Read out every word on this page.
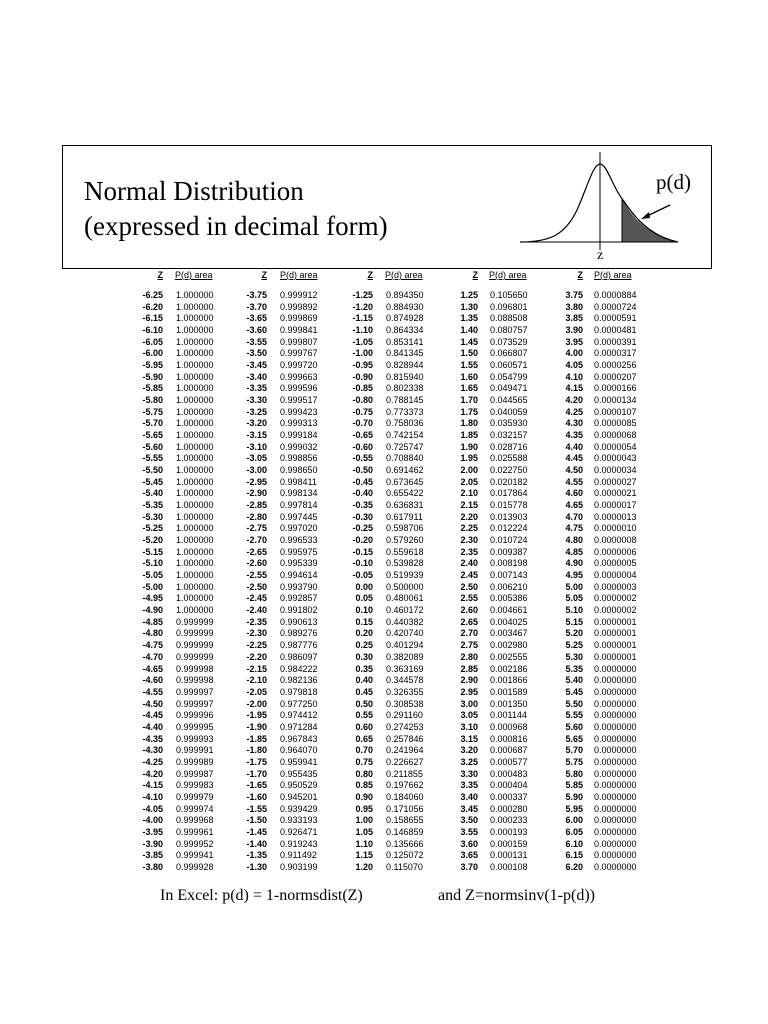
Normal Distribution
(expressed in decimal form)
p(d)
z
Z P(d) area
-6.25 1.000000
-6.20 1.000000
-6.15 1.000000
-6.10 1.000000
-6.05 1.000000
-6.00 1.000000
-5.95 1.000000
-5.90 1.000000
-5.85 1.000000
-5.80 1.000000
-5.75 1.000000
-5.70 1.000000
-5.65 1.000000
-5.60 1.000000
-5.55 1.000000
-5.50 1.000000
-5.45 1.000000
-5.40 1.000000
-5.35 1.000000
-5.30 1.000000
-5.25 1.000000
-5.20 1.000000
-5.15 1.000000
-5.10 1.000000
-5.05 1.000000
-5.00 1.000000
-4.95 1.000000
-4.90 1.000000
-4.85 0.999999
-4.80 0.999999
-4.75 0.999999
-4.70 0.999999
-4.65 0.999998
-4.60 0.999998
-4.55 0.999997
-4.50 0.999997
-4.45 0.999996
-4.40 0.999995
-4.35 0.999993
-4.30 0.999991
-4.25 0.999989
-4.20 0.999987
-4.15 0.999983
-4.10 0.999979
-4.05 0.999974
-4.00 0.999968
-3.95 0.999961
-3.90 0.999952
-3.85 0.999941
-3.80 0.999928
Z P(d) area
-3.75 0.999912
-3.70 0.999892
-3.65 0.999869
-3.60 0.999841
-3.55 0.999807
-3.50 0.999767
-3.45 0.999720
-3.40 0.999663
-3.35 0.999596
-3.30 0.999517
-3.25 0.999423
-3.20 0.999313
-3.15 0.999184
-3.10 0.999032
-3.05 0.998856
-3.00 0.998650
-2.95 0.998411
-2.90 0.998134
-2.85 0.997814
-2.80 0.997445
-2.75 0.997020
-2.70 0.996533
-2.65 0.995975
-2.60 0.995339
-2.55 0.994614
-2.50 0.993790
-2.45 0.992857
-2.40 0.991802
-2.35 0.990613
-2.30 0.989276
-2.25 0.987776
-2.20 0.986097
-2.15 0.984222
-2.10 0.982136
-2.05 0.979818
-2.00 0.977250
-1.95 0.974412
-1.90 0.971284
-1.85 0.967843
-1.80 0.964070
-1.75 0.959941
-1.70 0.955435
-1.65 0.950529
-1.60 0.945201
-1.55 0.939429
-1.50 0.933193
-1.45 0.926471
-1.40 0.919243
-1.35 0.911492
-1.30 0.903199
Z P(d) area
-1.25 0.894350
-1.20 0.884930
-1.15 0.874928
-1.10 0.864334
-1.05 0.853141
-1.00 0.841345
-0.95 0.828944
-0.90 0.815940
-0.85 0.802338
-0.80 0.788145
-0.75 0.773373
-0.70 0.758036
-0.65 0.742154
-0.60 0.725747
-0.55 0.708840
-0.50 0.691462
-0.45 0.673645
-0.40 0.655422
-0.35 0.636831
-0.30 0.617911
-0.25 0.598706
-0.20 0.579260
-0.15 0.559618
-0.10 0.539828
-0.05 0.519939
0.00 0.500000
0.05 0.480061
0.10 0.460172
0.15 0.440382
0.20 0.420740
0.25 0.401294
0.30 0.382089
0.35 0.363169
0.40 0.344578
0.45 0.326355
0.50 0.308538
0.55 0.291160
0.60 0.274253
0.65 0.257846
0.70 0.241964
0.75 0.226627
0.80 0.211855
0.85 0.197662
0.90 0.184060
0.95 0.171056
1.00 0.158655
1.05 0.146859
1.10 0.135666
1.15 0.125072
1.20 0.115070
Z P(d) area
1.25 0.105650
1.30 0.096801
1.35 0.088508
1.40 0.080757
1.45 0.073529
1.50 0.066807
1.55 0.060571
1.60 0.054799
1.65 0.049471
1.70 0.044565
1.75 0.040059
1.80 0.035930
1.85 0.032157
1.90 0.028716
1.95 0.025588
2.00 0.022750
2.05 0.020182
2.10 0.017864
2.15 0.015778
2.20 0.013903
2.25 0.012224
2.30 0.010724
2.35 0.009387
2.40 0.008198
2.45 0.007143
2.50 0.006210
2.55 0.005386
2.60 0.004661
2.65 0.004025
2.70 0.003467
2.75 0.002980
2.80 0.002555
2.85 0.002186
2.90 0.001866
2.95 0.001589
3.00 0.001350
3.05 0.001144
3.10 0.000968
3.15 0.000816
3.20 0.000687
3.25 0.000577
3.30 0.000483
3.35 0.000404
3.40 0.000337
3.45 0.000280
3.50 0.000233
3.55 0.000193
3.60 0.000159
3.65 0.000131
3.70 0.000108
Z P(d) area
3.75 0.0000884
3.80 0.0000724
3.85 0.0000591
3.90 0.0000481
3.95 0.0000391
4.00 0.0000317
4.05 0.0000256
4.10 0.0000207
4.15 0.0000166
4.20 0.0000134
4.25 0.0000107
4.30 0.0000085
4.35 0.0000068
4.40 0.0000054
4.45 0.0000043
4.50 0.0000034
4.55 0.0000027
4.60 0.0000021
4.65 0.0000017
4.70 0.0000013
4.75 0.0000010
4.80 0.0000008
4.85 0.0000006
4.90 0.0000005
4.95 0.0000004
5.00 0.0000003
5.05 0.0000002
5.10 0.0000002
5.15 0.0000001
5.20 0.0000001
5.25 0.0000001
5.30 0.0000001
5.35 0.0000000
5.40 0.0000000
5.45 0.0000000
5.50 0.0000000
5.55 0.0000000
5.60 0.0000000
5.65 0.0000000
5.70 0.0000000
5.75 0.0000000
5.80 0.0000000
5.85 0.0000000
5.90 0.0000000
5.95 0.0000000
6.00 0.0000000
6.05 0.0000000
6.10 0.0000000
6.15 0.0000000
6.20 0.0000000
In Excel: p(d) = 1-normsdist(Z)	and Z=normsinv(1-p(d))
